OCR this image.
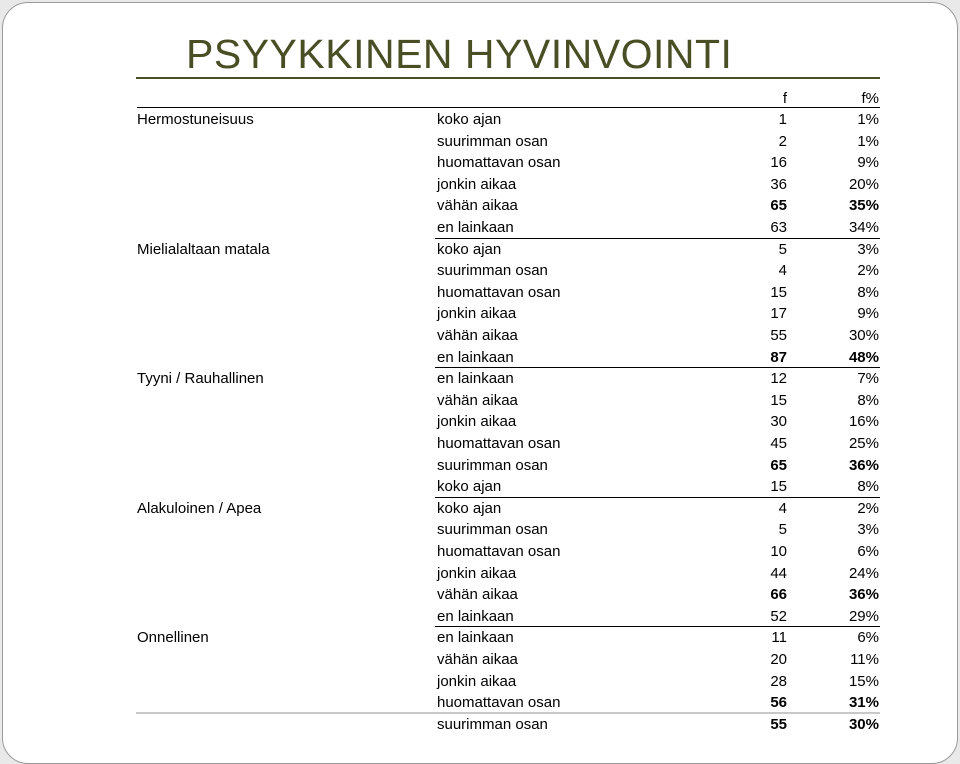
PSYYKKINEN HYVINVOINTI
f	f%
Hermostuneisuus	koko ajan	1	1%
suurimman osan	2	1%
huomattavan osan	16	9%
jonkin aikaa	36	20%
vähän aikaa	65	35%
en lainkaan	63	34%
Mielialaltaan matala	koko ajan	5	3%
suurimman osan	4	2%
huomattavan osan	15	8%
jonkin aikaa	17	9%
vähän aikaa	55	30%
en lainkaan	87	48%
Tyyni / Rauhallinen	en lainkaan	12	7%
vähän aikaa	15	8%
jonkin aikaa	30	16%
huomattavan osan	45	25%
suurimman osan	65	36%
koko ajan	15	8%
Alakuloinen / Apea	koko ajan	4	2%
suurimman osan	5	3%
huomattavan osan	10	6%
jonkin aikaa	44	24%
vähän aikaa	66	36%
en lainkaan	52	29%
Onnellinen	en lainkaan	11	6%
vähän aikaa	20	11%
jonkin aikaa	28	15%
huomattavan osan	56	31%
suurimman osan	55	30%
